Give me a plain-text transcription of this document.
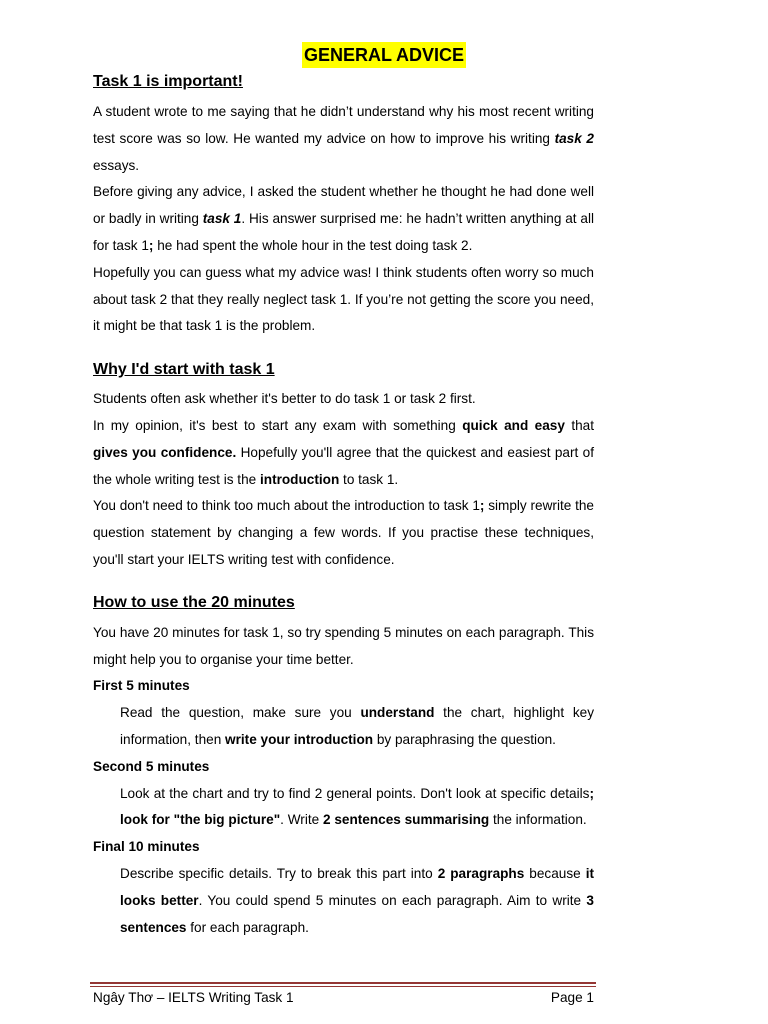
GENERAL ADVICE
Task 1 is important!

A student wrote to me saying that he didn’t understand why his most recent writing test score was so low. He wanted my advice on how to improve his writing task 2 essays.

Before giving any advice, I asked the student whether he thought he had done well or badly in writing task 1. His answer surprised me: he hadn’t written anything at all for task 1; he had spent the whole hour in the test doing task 2.

Hopefully you can guess what my advice was! I think students often worry so much about task 2 that they really neglect task 1. If you’re not getting the score you need, it might be that task 1 is the problem.

Why I'd start with task 1

Students often ask whether it's better to do task 1 or task 2 first.

In my opinion, it's best to start any exam with something quick and easy that gives you confidence. Hopefully you'll agree that the quickest and easiest part of the whole writing test is the introduction to task 1.

You don't need to think too much about the introduction to task 1; simply rewrite the question statement by changing a few words. If you practise these techniques, you'll start your IELTS writing test with confidence.

How to use the 20 minutes

You have 20 minutes for task 1, so try spending 5 minutes on each paragraph. This might help you to organise your time better.

First 5 minutes

Read the question, make sure you understand the chart, highlight key information, then write your introduction by paraphrasing the question.

Second 5 minutes

Look at the chart and try to find 2 general points. Don't look at specific details; look for "the big picture". Write 2 sentences summarising the information.

Final 10 minutes

Describe specific details. Try to break this part into 2 paragraphs because it looks better. You could spend 5 minutes on each paragraph. Aim to write 3 sentences for each paragraph.

Ngây Thơ – IELTS Writing Task 1	Page 1
